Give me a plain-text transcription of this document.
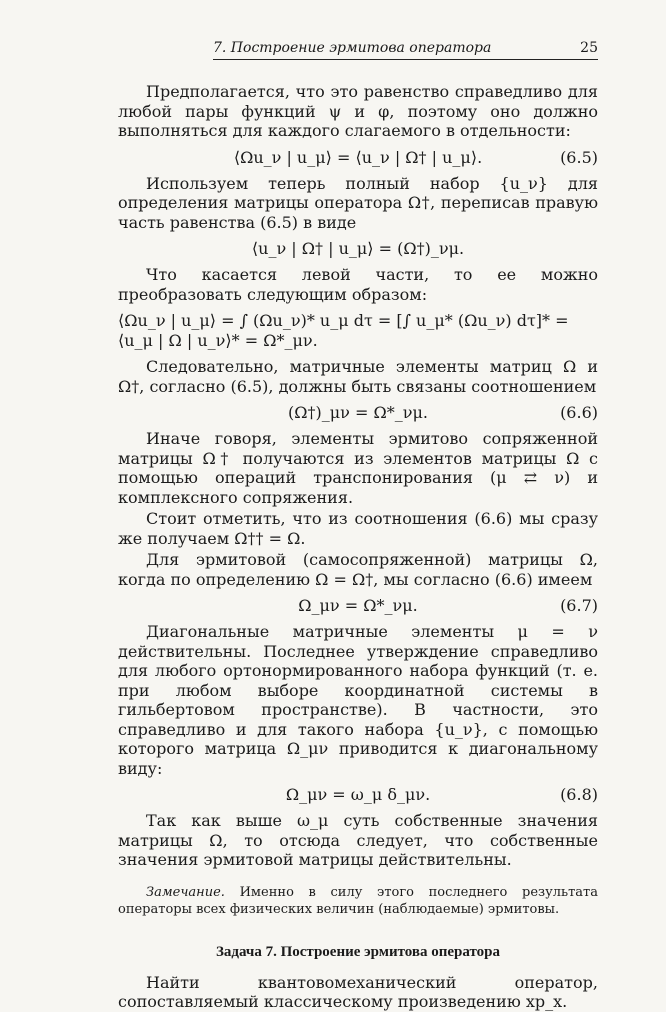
7. Построение эрмитова оператора	25

Предполагается, что это равенство справедливо для любой пары функций ψ и φ, поэтому оно должно выполняться для каждого слагаемого в отдельности:

⟨Ωu_ν | u_μ⟩ = ⟨u_ν | Ω† | u_μ⟩.	(6.5)

Используем теперь полный набор {u_ν} для определения матрицы оператора Ω†, переписав правую часть равенства (6.5) в виде

⟨u_ν | Ω† | u_μ⟩ = (Ω†)_νμ.

Что касается левой части, то ее можно преобразовать следующим образом:

⟨Ωu_ν | u_μ⟩ = ∫ (Ωu_ν)* u_μ dτ = [∫ u_μ* (Ωu_ν) dτ]* = ⟨u_μ | Ω | u_ν⟩* = Ω*_μν.

Следовательно, матричные элементы матриц Ω и Ω†, согласно (6.5), должны быть связаны соотношением

(Ω†)_μν = Ω*_νμ.	(6.6)

Иначе говоря, элементы эрмитово сопряженной матрицы Ω† получаются из элементов матрицы Ω с помощью операций транспонирования (μ ⇄ ν) и комплексного сопряжения.

Стоит отметить, что из соотношения (6.6) мы сразу же получаем Ω†† = Ω.

Для эрмитовой (самосопряженной) матрицы Ω, когда по определению Ω = Ω†, мы согласно (6.6) имеем

Ω_μν = Ω*_νμ.	(6.7)

Диагональные матричные элементы μ = ν действительны. Последнее утверждение справедливо для любого ортонормированного набора функций (т. е. при любом выборе координатной системы в гильбертовом пространстве). В частности, это справедливо и для такого набора {u_ν}, с помощью которого матрица Ω_μν приводится к диагональному виду:

Ω_μν = ω_μ δ_μν.	(6.8)

Так как выше ω_μ суть собственные значения матрицы Ω, то отсюда следует, что собственные значения эрмитовой матрицы действительны.

Замечание. Именно в силу этого последнего результата операторы всех физических величин (наблюдаемые) эрмитовы.

Задача 7. Построение эрмитова оператора

Найти квантовомеханический оператор, сопоставляемый классическому произведению xp_x.
